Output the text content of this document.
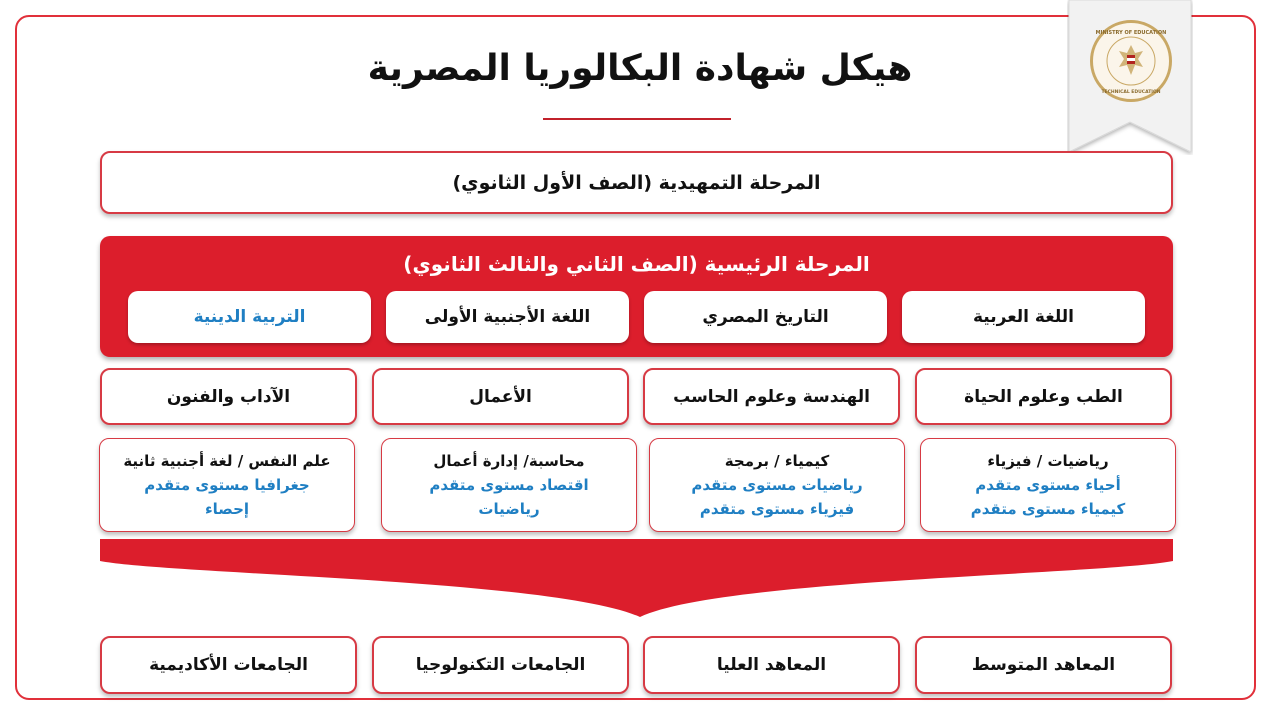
هيكل شهادة البكالوريا المصرية
MINISTRY OF EDUCATION
TECHNICAL EDUCATION
المرحلة التمهيدية (الصف الأول الثانوي)
المرحلة الرئيسية (الصف الثاني والثالث الثانوي)
اللغة العربية
التاريخ المصري
اللغة الأجنبية الأولى
التربية الدينية
الطب وعلوم الحياة
الهندسة وعلوم الحاسب
الأعمال
الآداب والفنون
رياضيات / فيزياء
أحياء مستوى متقدم
كيمياء مستوى متقدم
كيمياء / برمجة
رياضيات مستوى متقدم
فيزياء مستوى متقدم
محاسبة/ إدارة أعمال
اقتصاد مستوى متقدم
رياضيات
علم النفس / لغة أجنبية ثانية
جغرافيا مستوى متقدم
إحصاء
المعاهد المتوسط
المعاهد العليا
الجامعات التكنولوجيا
الجامعات الأكاديمية
